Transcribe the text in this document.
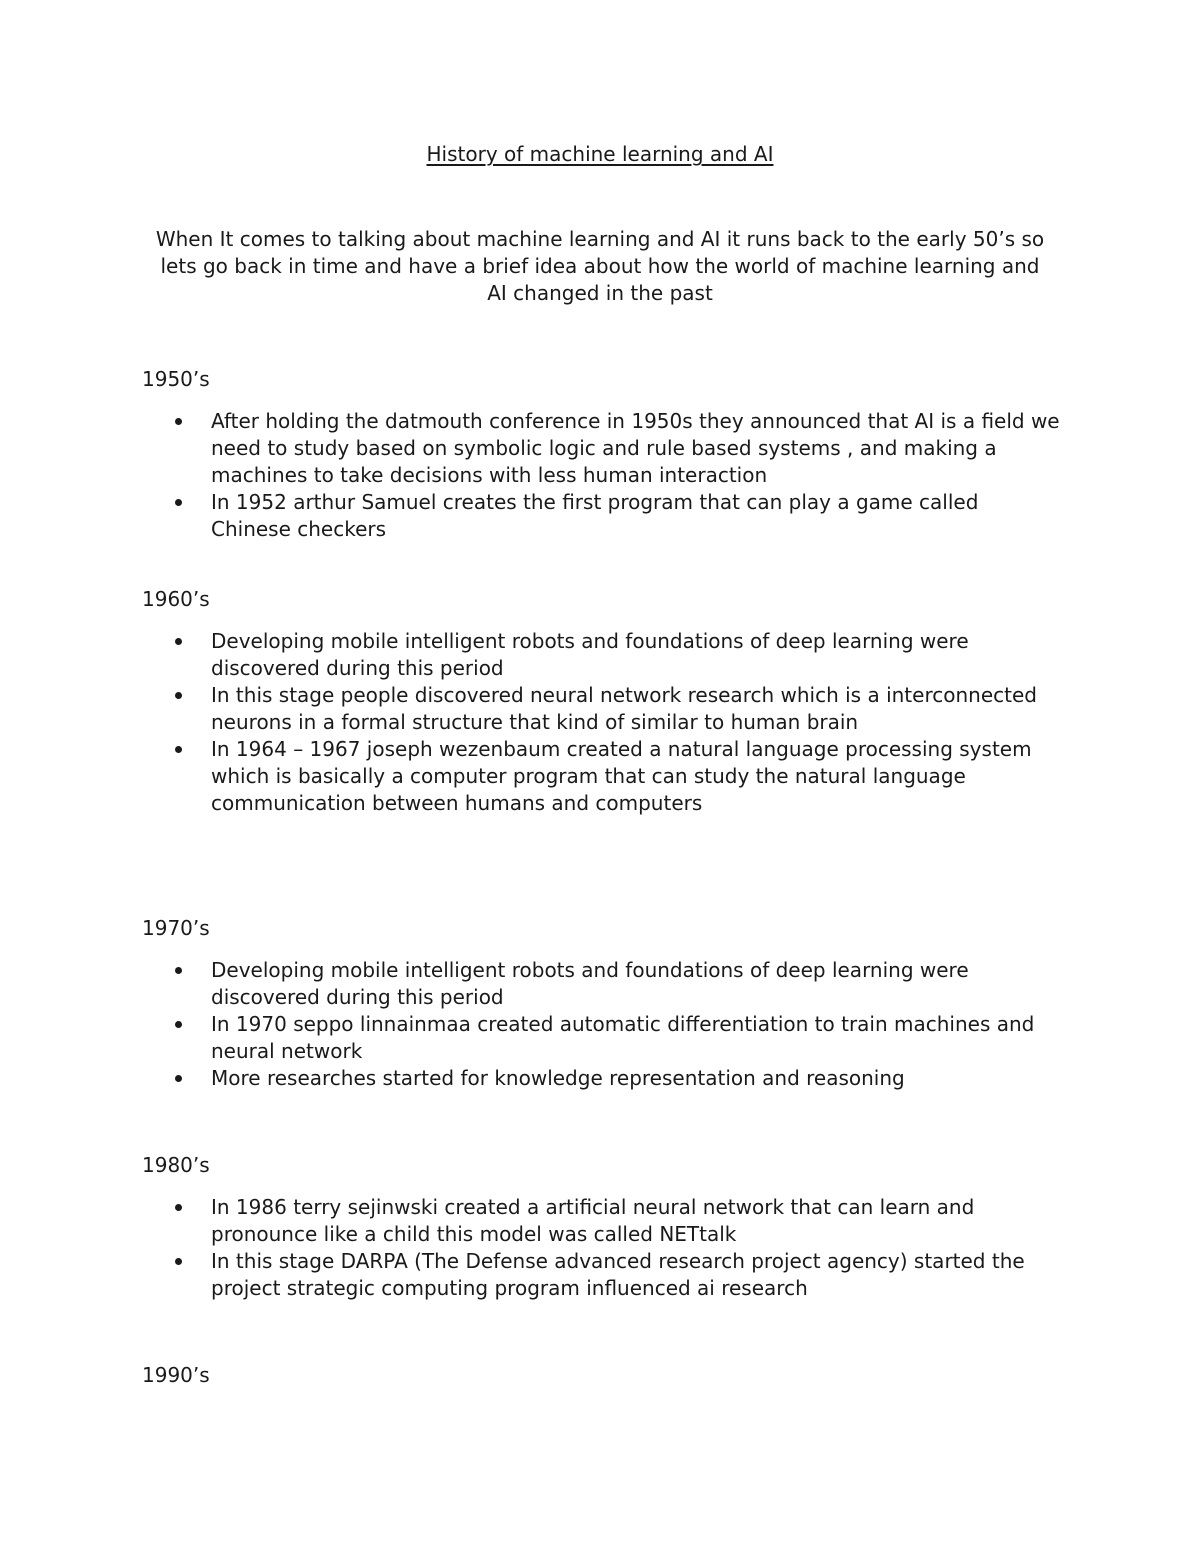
History of machine learning and AI
When It comes to talking about machine learning and AI it runs back to the early 50’s so lets go back in time and have a brief idea about how the world of machine learning and AI changed in the past
1950’s
After holding the datmouth conference in 1950s they announced that AI is a field we need to study based on symbolic logic and rule based systems , and making a machines to take decisions with less human interaction
In 1952 arthur Samuel creates the first program that can play a game called Chinese checkers
1960’s
Developing mobile intelligent robots and foundations of deep learning were discovered during this period
In this stage people discovered neural network research which is a interconnected neurons in a formal structure that kind of similar to human brain
In 1964 – 1967 joseph wezenbaum created a natural language processing system which is basically a computer program that can study the natural language communication between humans and computers
1970’s
Developing mobile intelligent robots and foundations of deep learning were discovered during this period
In 1970 seppo linnainmaa created automatic differentiation to train machines and neural network
More researches started for knowledge representation and reasoning
1980’s
In 1986 terry sejinwski created a artificial neural network that can learn and pronounce like a child this model was called NETtalk
In this stage DARPA (The Defense advanced research project agency) started the project strategic computing program influenced ai research
1990’s
